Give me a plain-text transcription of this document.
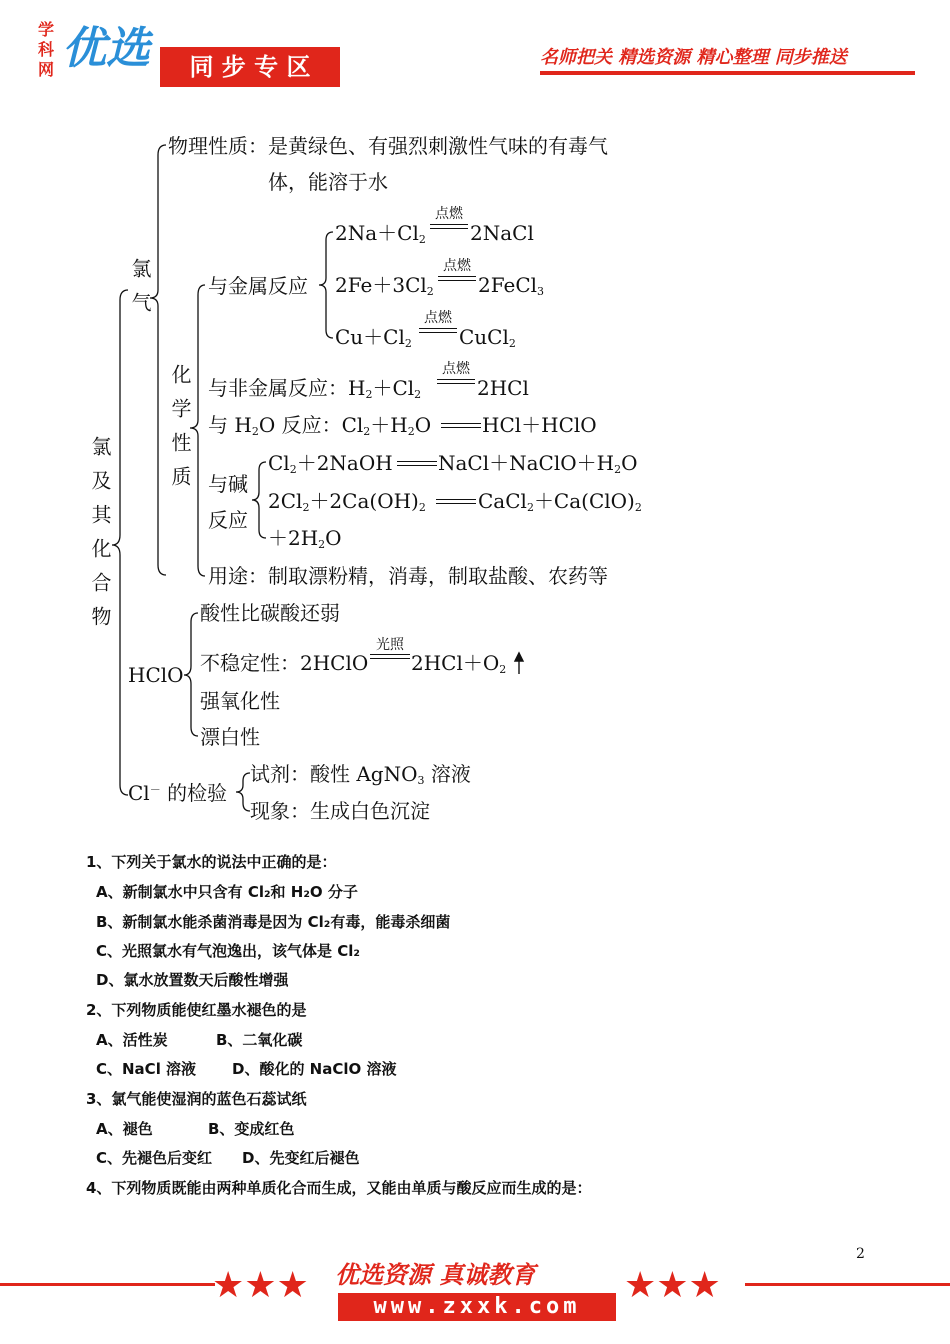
学科网 优选	同 步 专 区	名师把关 精选资源 精心整理 同步推送
氯及其化合物
氯气
化学性质
物理性质：是黄绿色、有强烈刺激性气味的有毒气
体，能溶于水
与金属反应
$2Na+Cl_2$
点燃
2NaCl
$2Fe+3Cl_2$
点燃
2FeCl$_3$
$Cu+Cl_2$
点燃
CuCl$_2$
与非金属反应：$H_2+Cl_2$
点燃
2HCl
与 $H_2O$ 反应：$Cl_2+H_2O$	HCl＋HClO
与碱
反应
$Cl_2+2NaOH$ $NaCl+NaClO+H_2O$
$2Cl_2+2Ca(OH)_2$	$CaCl_2+Ca(ClO)_2$
$+2H_2O$
用途：制取漂粉精，消毒，制取盐酸、农药等
HClO
酸性比碳酸还弱
不稳定性：2HClO
光照
$2HCl+O_2$
强氧化性
漂白性
Cl－ 的检验
试剂：酸性 AgNO$_3$ 溶液
现象：生成白色沉淀
1、下列关于氯水的说法中正确的是：
A、新制氯水中只含有 Cl₂和 H₂O 分子
B、新制氯水能杀菌消毒是因为 Cl₂有毒，能毒杀细菌
C、光照氯水有气泡逸出，该气体是 Cl₂
D、氯水放置数天后酸性增强
2、下列物质能使红墨水褪色的是
A、活性炭	B、二氧化碳
C、NaCl 溶液 D、酸化的 NaClO 溶液
3、氯气能使湿润的蓝色石蕊试纸
A、褪色	B、变成红色
C、先褪色后变红 D、先变红后褪色
4、下列物质既能由两种单质化合而生成，又能由单质与酸反应而生成的是：
2
★★★	★★★
优选资源 真诚教育
www.zxxk.com
